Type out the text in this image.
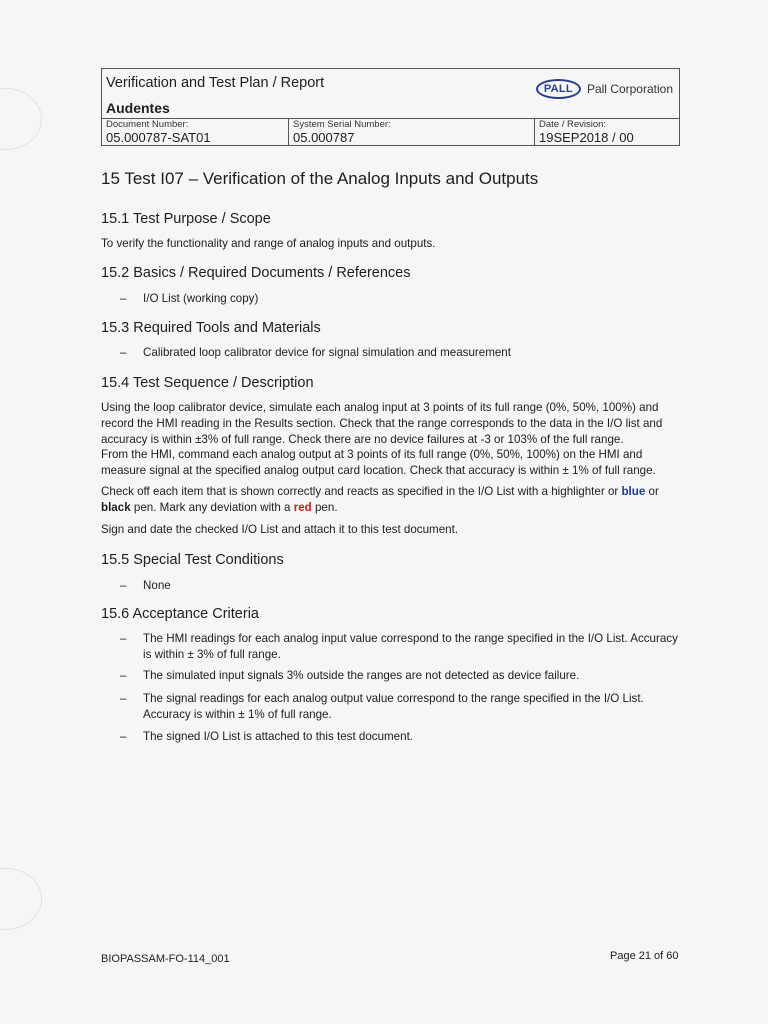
Verification and Test Plan / Report
Audentes
PALL	Pall Corporation
Document Number:
05.000787-SAT01
System Serial Number:
05.000787
Date / Revision:
19SEP2018 / 00
15 Test I07 – Verification of the Analog Inputs and Outputs
15.1 Test Purpose / Scope
To verify the functionality and range of analog inputs and outputs.
15.2 Basics / Required Documents / References
– I/O List (working copy)
15.3 Required Tools and Materials
– Calibrated loop calibrator device for signal simulation and measurement
15.4 Test Sequence / Description
Using the loop calibrator device, simulate each analog input at 3 points of its full range (0%, 50%, 100%) and record the HMI reading in the Results section. Check that the range corresponds to the data in the I/O list and accuracy is within ±3% of full range. Check there are no device failures at -3 or 103% of the full range.
From the HMI, command each analog output at 3 points of its full range (0%, 50%, 100%) on the HMI and measure signal at the specified analog output card location. Check that accuracy is within ± 1% of full range.
Check off each item that is shown correctly and reacts as specified in the I/O List with a highlighter or blue or black pen. Mark any deviation with a red pen.
Sign and date the checked I/O List and attach it to this test document.
15.5 Special Test Conditions
– None
15.6 Acceptance Criteria
– The HMI readings for each analog input value correspond to the range specified in the I/O List. Accuracy is within ± 3% of full range.
– The simulated input signals 3% outside the ranges are not detected as device failure.
– The signal readings for each analog output value correspond to the range specified in the I/O List. Accuracy is within ± 1% of full range.
– The signed I/O List is attached to this test document.
BIOPASSAM-FO-114_001	Page 21 of 60
